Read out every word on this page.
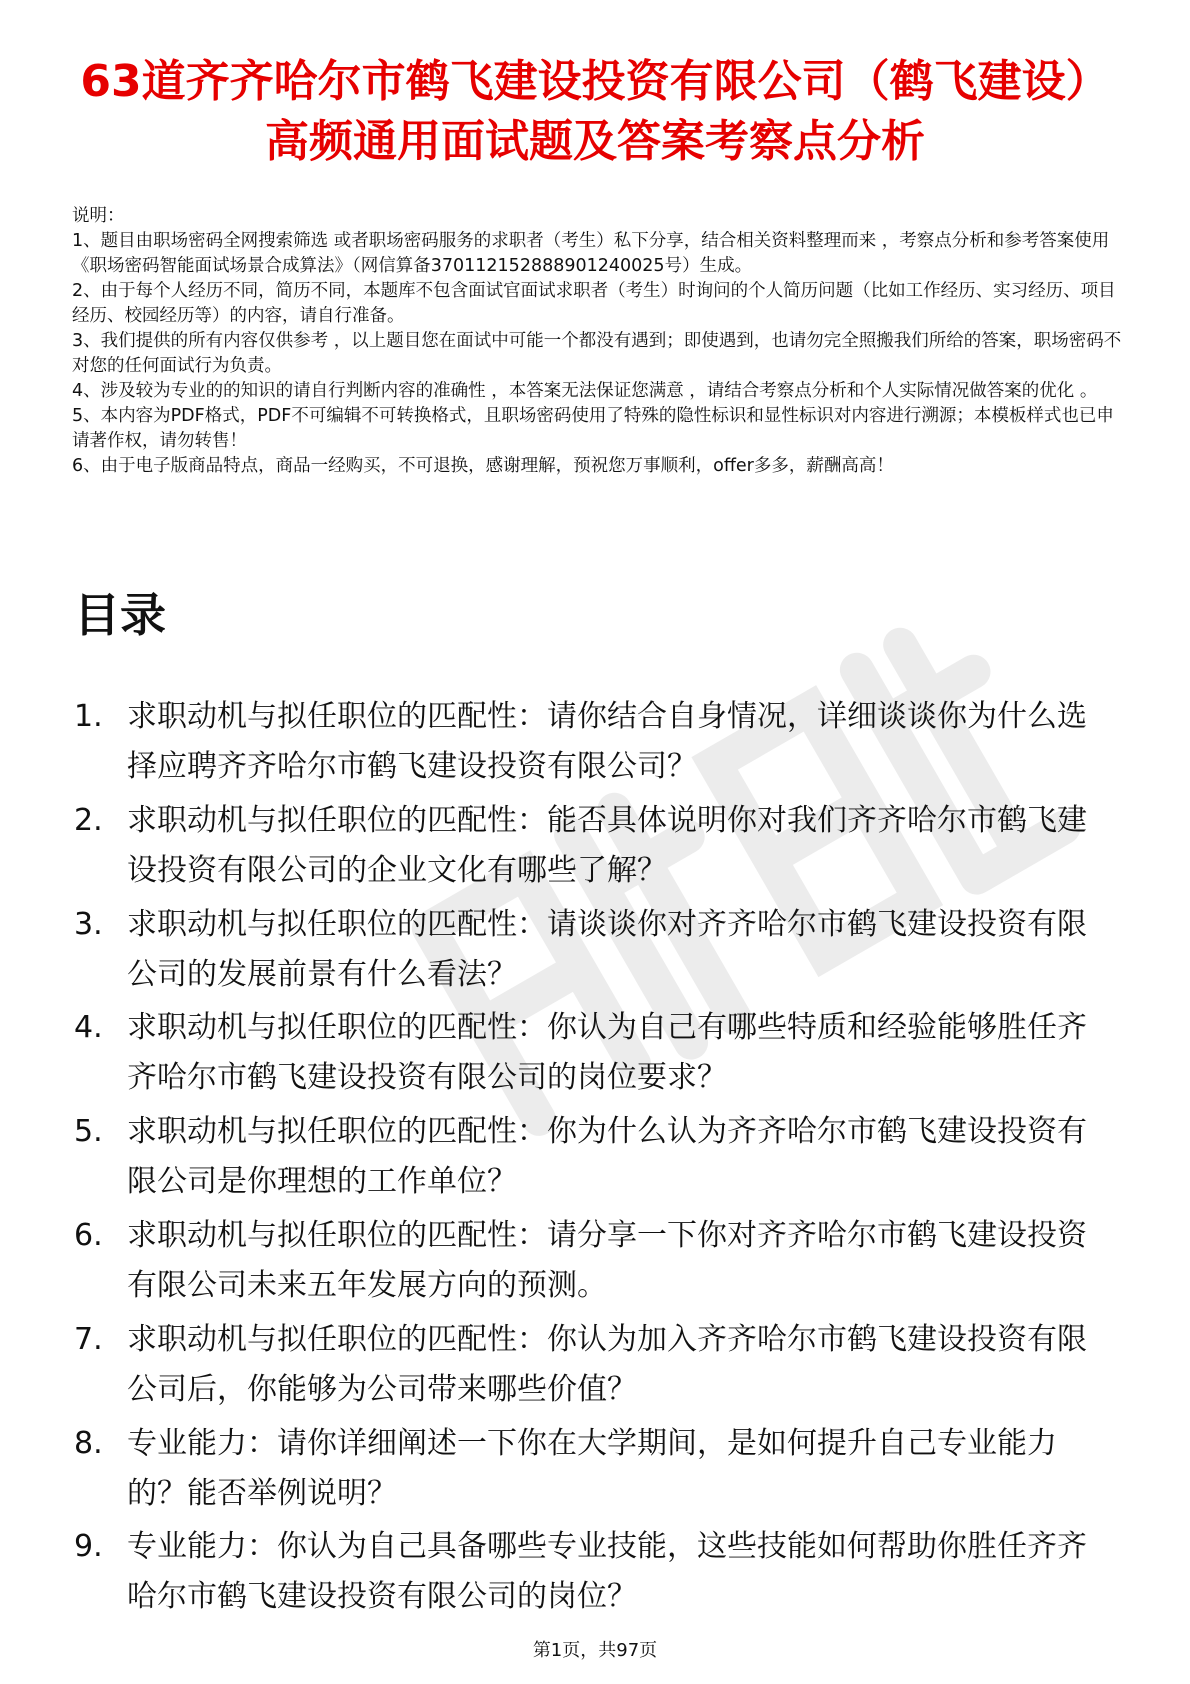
63道齐齐哈尔市鹤飞建设投资有限公司（鹤飞建设）高频通用面试题及答案考察点分析

说明：

1、题目由职场密码全网搜索筛选 或者职场密码服务的求职者（考生）私下分享，结合相关资料整理而来 ，考察点分析和参考答案使用《职场密码智能面试场景合成算法》（网信算备370112152888901240025号）生成。

2、由于每个人经历不同，简历不同，本题库不包含面试官面试求职者（考生）时询问的个人简历问题（比如工作经历、实习经历、项目经历、校园经历等）的内容，请自行准备。

3、我们提供的所有内容仅供参考 ，以上题目您在面试中可能一个都没有遇到；即使遇到，也请勿完全照搬我们所给的答案，职场密码不对您的任何面试行为负责。

4、涉及较为专业的的知识的请自行判断内容的准确性 ，本答案无法保证您满意 ，请结合考察点分析和个人实际情况做答案的优化 。

5、本内容为PDF格式，PDF不可编辑不可转换格式，且职场密码使用了特殊的隐性标识和显性标识对内容进行溯源；本模板样式也已申请著作权，请勿转售！

6、由于电子版商品特点，商品一经购买，不可退换，感谢理解，预祝您万事顺利，offer多多，薪酬高高！

目录
1. 求职动机与拟任职位的匹配性：请你结合自身情况，详细谈谈你为什么选择应聘齐齐哈尔市鹤飞建设投资有限公司？
2. 求职动机与拟任职位的匹配性：能否具体说明你对我们齐齐哈尔市鹤飞建设投资有限公司的企业文化有哪些了解？
3. 求职动机与拟任职位的匹配性：请谈谈你对齐齐哈尔市鹤飞建设投资有限公司的发展前景有什么看法？
4. 求职动机与拟任职位的匹配性：你认为自己有哪些特质和经验能够胜任齐齐哈尔市鹤飞建设投资有限公司的岗位要求？
5. 求职动机与拟任职位的匹配性：你为什么认为齐齐哈尔市鹤飞建设投资有限公司是你理想的工作单位？
6. 求职动机与拟任职位的匹配性：请分享一下你对齐齐哈尔市鹤飞建设投资有限公司未来五年发展方向的预测。
7. 求职动机与拟任职位的匹配性：你认为加入齐齐哈尔市鹤飞建设投资有限公司后，你能够为公司带来哪些价值？
8. 专业能力：请你详细阐述一下你在大学期间，是如何提升自己专业能力的？能否举例说明？
9. 专业能力：你认为自己具备哪些专业技能，这些技能如何帮助你胜任齐齐哈尔市鹤飞建设投资有限公司的岗位？
第1页，共97页
